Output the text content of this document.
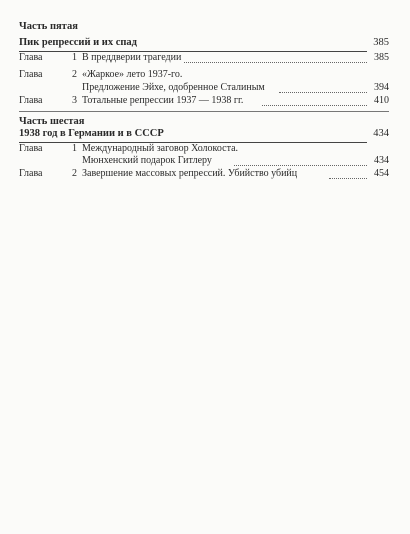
Часть пятая
Пик репрессий и их спад	385
Глава	1 В преддверии трагедии	385
Глава	2 «Жаркое» лето 1937-го.
Предложение Эйхе, одобренное Сталиным	394
Глава	3 Тотальные репрессии 1937 — 1938 гг.	410
Часть шестая
1938 год в Германии и в СССР	434
Глава	1 Международный заговор Холокоста.
Мюнхенский подарок Гитлеру	434
Глава	2 Завершение массовых репрессий. Убийство убийц	454
